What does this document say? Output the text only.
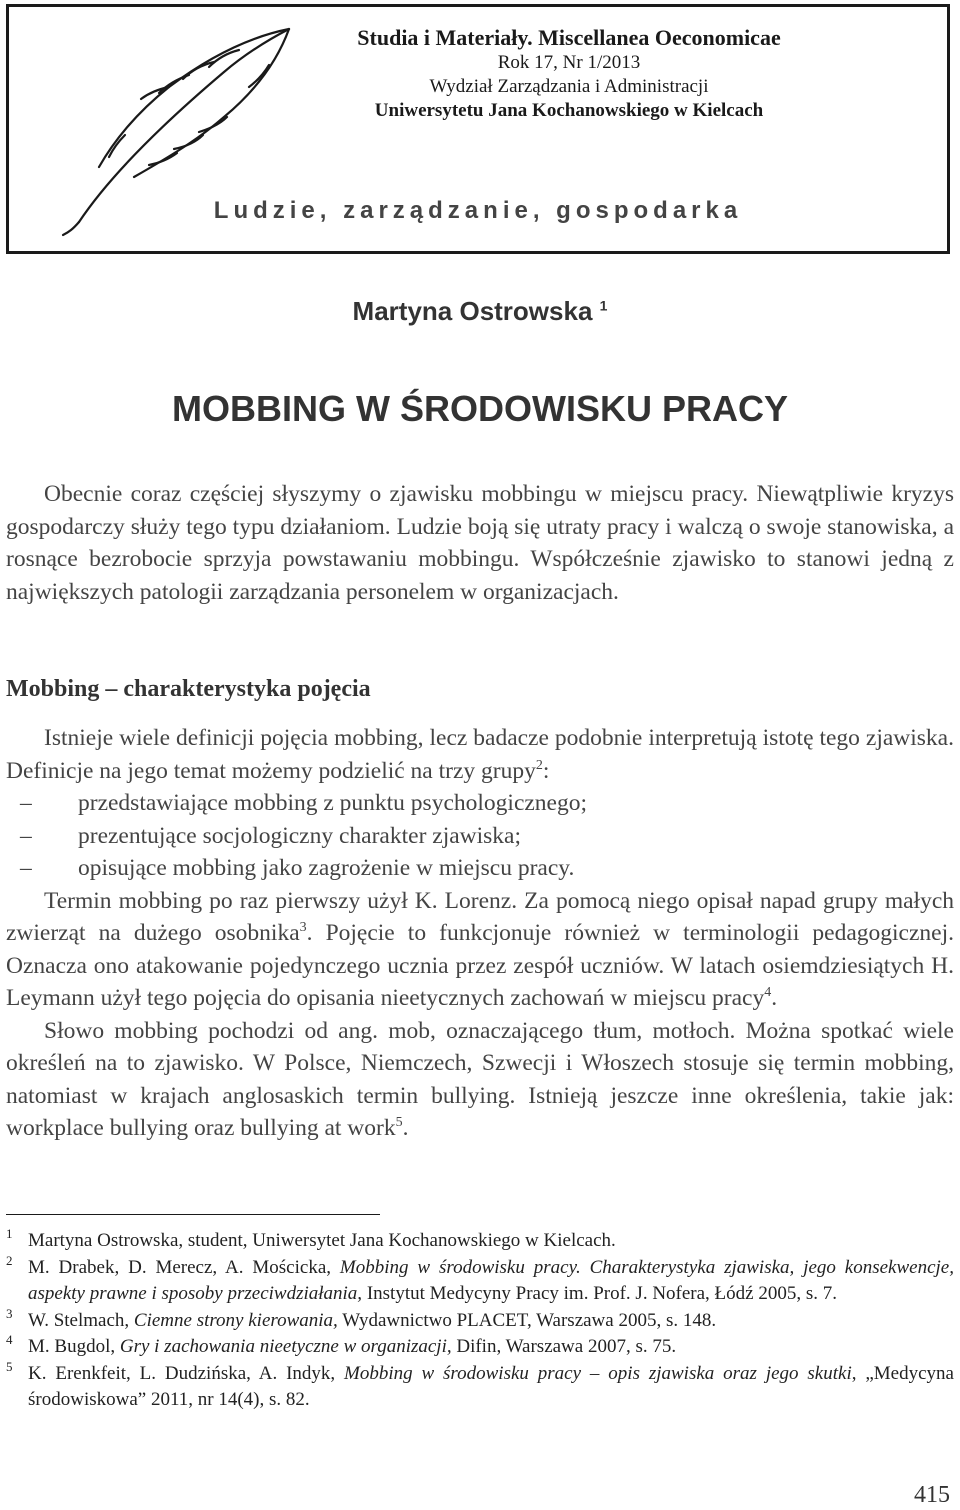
Studia i Materiały. Miscellanea Oeconomicae
Rok 17, Nr 1/2013
Wydział Zarządzania i Administracji
Uniwersytetu Jana Kochanowskiego w Kielcach
Ludzie, zarządzanie, gospodarka
Martyna Ostrowska $^1$
MOBBING W ŚRODOWISKU PRACY

Obecnie coraz częściej słyszymy o zjawisku mobbingu w miejscu pracy. Niewątpliwie kryzys gospodarczy służy tego typu działaniom. Ludzie boją się utraty pracy i walczą o swoje stanowiska, a rosnące bezrobocie sprzyja powstawaniu mobbingu. Współcześnie zjawisko to stanowi jedną z największych patologii zarządzania personelem w organizacjach.

Mobbing – charakterystyka pojęcia

Istnieje wiele definicji pojęcia mobbing, lecz badacze podobnie interpretują istotę tego zjawiska. Definicje na jego temat możemy podzielić na trzy grupy$^2$:

– przedstawiające mobbing z punktu psychologicznego;
– prezentujące socjologiczny charakter zjawiska;
– opisujące mobbing jako zagrożenie w miejscu pracy.

Termin mobbing po raz pierwszy użył K. Lorenz. Za pomocą niego opisał napad grupy małych zwierząt na dużego osobnika$^3$. Pojęcie to funkcjonuje również w terminologii pedagogicznej. Oznacza ono atakowanie pojedynczego ucznia przez zespół uczniów. W latach osiemdziesiątych H. Leymann użył tego pojęcia do opisania nieetycznych zachowań w miejscu pracy$^4$.

Słowo mobbing pochodzi od ang. mob, oznaczającego tłum, motłoch. Można spotkać wiele określeń na to zjawisko. W Polsce, Niemczech, Szwecji i Włoszech stosuje się termin mobbing, natomiast w krajach anglosaskich termin bullying. Istnieją jeszcze inne określenia, takie jak: workplace bullying oraz bullying at work$^5$.

1 Martyna Ostrowska, student, Uniwersytet Jana Kochanowskiego w Kielcach.
2 M. Drabek, D. Merecz, A. Mościcka, Mobbing w środowisku pracy. Charakterystyka zjawiska, jego konsekwencje, aspekty prawne i sposoby przeciwdziałania, Instytut Medycyny Pracy im. Prof. J. Nofera, Łódź 2005, s. 7.
3 W. Stelmach, Ciemne strony kierowania, Wydawnictwo PLACET, Warszawa 2005, s. 148.
4 M. Bugdol, Gry i zachowania nieetyczne w organizacji, Difin, Warszawa 2007, s. 75.
5 K. Erenkfeit, L. Dudzińska, A. Indyk, Mobbing w środowisku pracy – opis zjawiska oraz jego skutki, „Medycyna środowiskowa” 2011, nr 14(4), s. 82.
415
